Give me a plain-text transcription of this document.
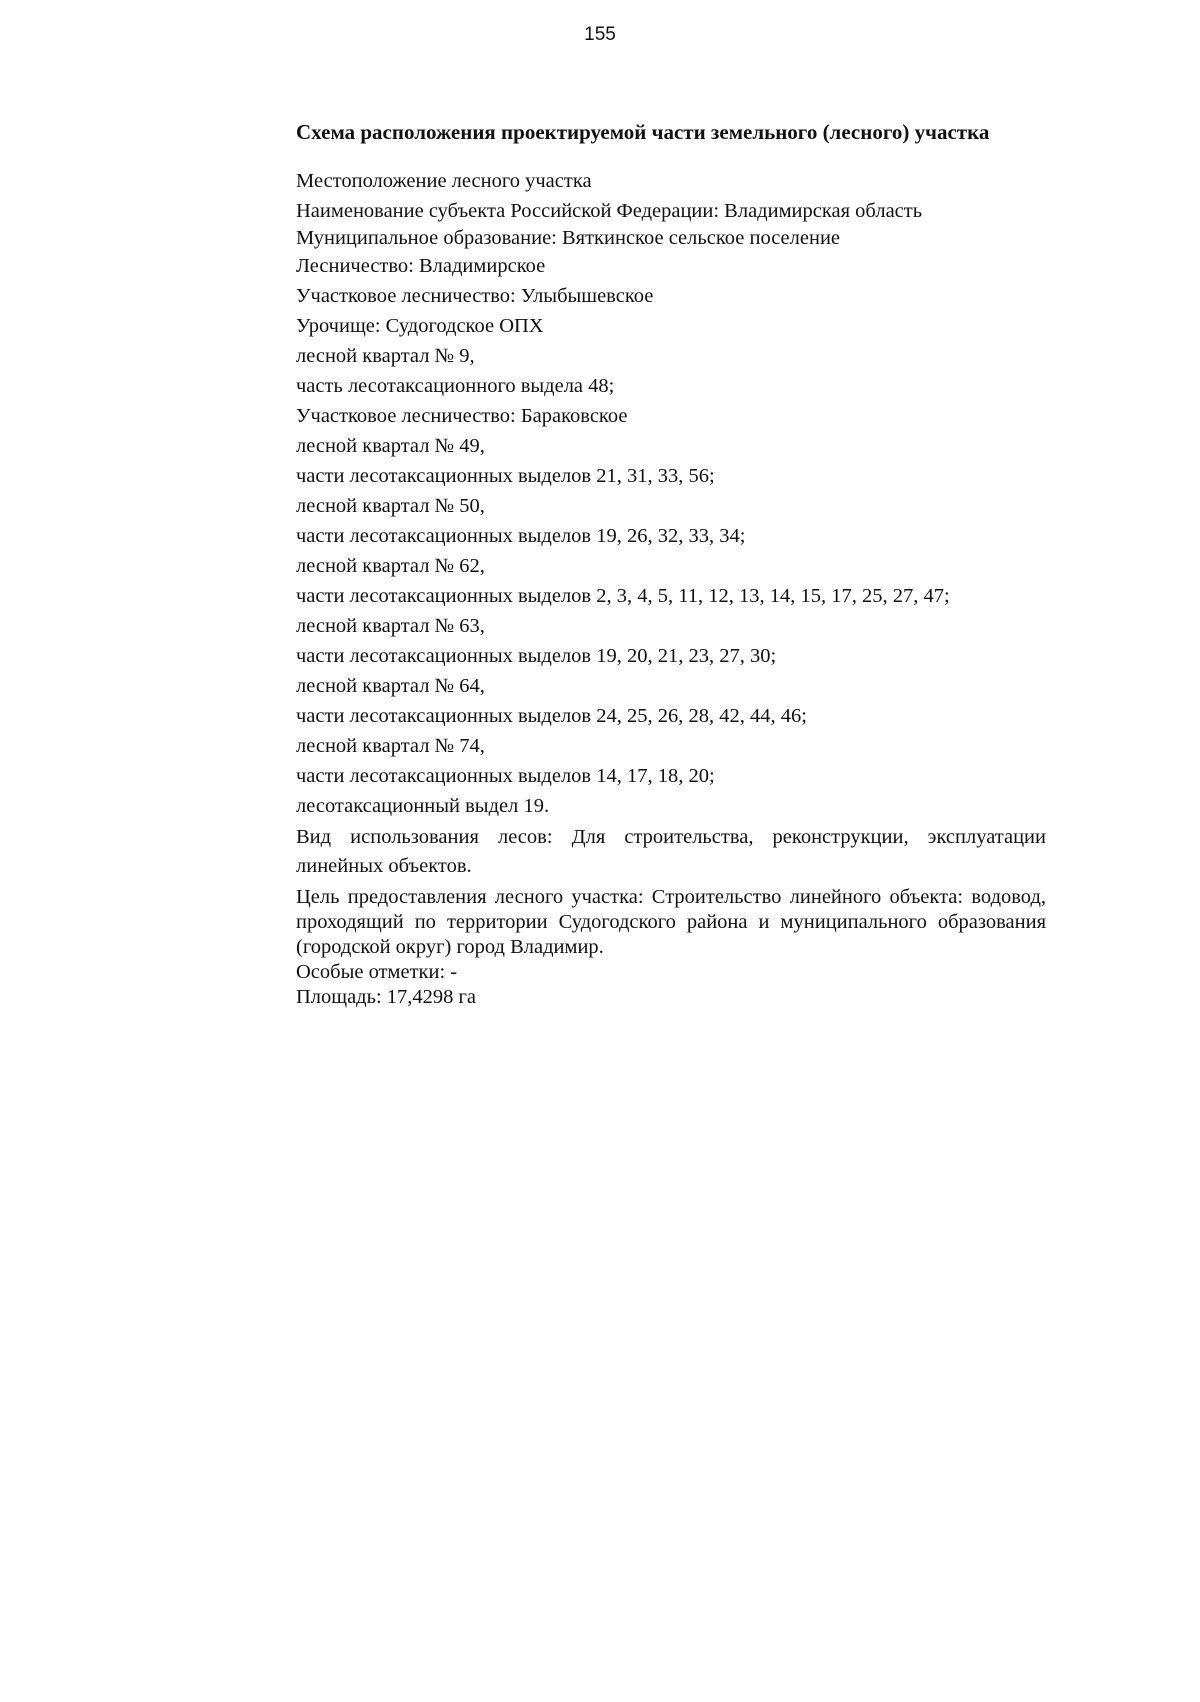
155
Схема расположения проектируемой части земельного (лесного) участка
Местоположение лесного участка
Наименование субъекта Российской Федерации: Владимирская область
Муниципальное образование: Вяткинское сельское поселение
Лесничество: Владимирское
Участковое лесничество: Улыбышевское
Урочище: Судогодское ОПХ
лесной квартал № 9,
часть лесотаксационного выдела 48;
Участковое лесничество: Бараковское
лесной квартал № 49,
части лесотаксационных выделов 21, 31, 33, 56;
лесной квартал № 50,
части лесотаксационных выделов 19, 26, 32, 33, 34;
лесной квартал № 62,
части лесотаксационных выделов 2, 3, 4, 5, 11, 12, 13, 14, 15, 17, 25, 27, 47;
лесной квартал № 63,
части лесотаксационных выделов 19, 20, 21, 23, 27, 30;
лесной квартал № 64,
части лесотаксационных выделов 24, 25, 26, 28, 42, 44, 46;
лесной квартал № 74,
части лесотаксационных выделов 14, 17, 18, 20;
лесотаксационный выдел 19.
Вид использования лесов: Для строительства, реконструкции, эксплуатации линейных объектов.
Цель предоставления лесного участка: Строительство линейного объекта: водовод, проходящий по территории Судогодского района и муниципального образования (городской округ) город Владимир.
Особые отметки: -
Площадь: 17,4298 га
